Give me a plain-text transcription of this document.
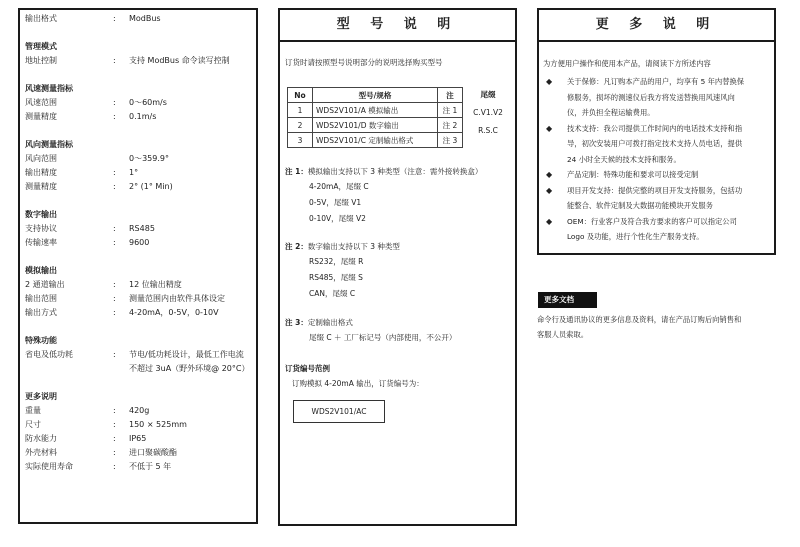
输出格式	: ModBus
管理模式
地址控制	: 支持 ModBus 命令读写控制
风速测量指标
风速范围	: 0～60m/s
测量精度	: 0.1m/s
风向测量指标
风向范围	0～359.9°
输出精度	: 1°
测量精度	: 2° (1° Min)
数字输出
支持协议	: RS485
传输速率	: 9600
模拟输出
2 通道输出	: 12 位输出精度
输出范围	: 测量范围内由软件具体设定
输出方式	: 4-20mA，0-5V，0-10V
特殊功能
省电及低功耗	: 节电/低功耗设计，最低工作电流
不超过 3uA（野外环境@ 20°C）
更多说明
重量	: 420g
尺寸	: 150 × 525mm
防水能力	: IP65
外壳材料	: 进口聚碳酸酯
实际使用寿命	: 不低于 5 年
型 号 说 明
订货时请按照型号说明部分的说明选择购买型号
No	型号/规格	注
1	WDS2V101/A 模拟输出	注 1
2	WDS2V101/D 数字输出	注 2
3	WDS2V101/C 定制输出格式	注 3
尾缀
C.V1.V2
R.S.C
注 1：模拟输出支持以下 3 种类型（注意：需外接转换盒）
4-20mA，尾缀 C
0-5V，尾缀 V1
0-10V，尾缀 V2
注 2：数字输出支持以下 3 种类型
RS232，尾缀 R
RS485，尾缀 S
CAN，尾缀 C
注 3：定制输出格式
尾缀 C ＋ 工厂标记号（内部使用，不公开）
订货编号范例
订购模拟 4-20mA 输出，订货编号为：
WDS2V101/AC
更 多 说 明
为方便用户操作和使用本产品，请阅读下方所述内容
◆ 关于保修：凡订购本产品的用户，均享有 5 年内替换保
修服务，损坏的测速仪后我方将发送替换用风速风向
仪，并负担全程运输费用。
◆ 技术支持：我公司提供工作时间内的电话技术支持和指
导，初次安装用户可拨打指定技术支持人员电话，提供
24 小时全天候的技术支持和服务。
◆ 产品定制：特殊功能和要求可以接受定制
◆ 项目开发支持：提供完整的项目开发支持服务，包括功
能整合、软件定制及大数据功能模块开发服务
◆ OEM：行业客户及符合我方要求的客户可以指定公司
Logo 及功能，进行个性化生产服务支持。
更多文档
命令行及通讯协议的更多信息及资料，请在产品订购后向销售和
客服人员索取。
